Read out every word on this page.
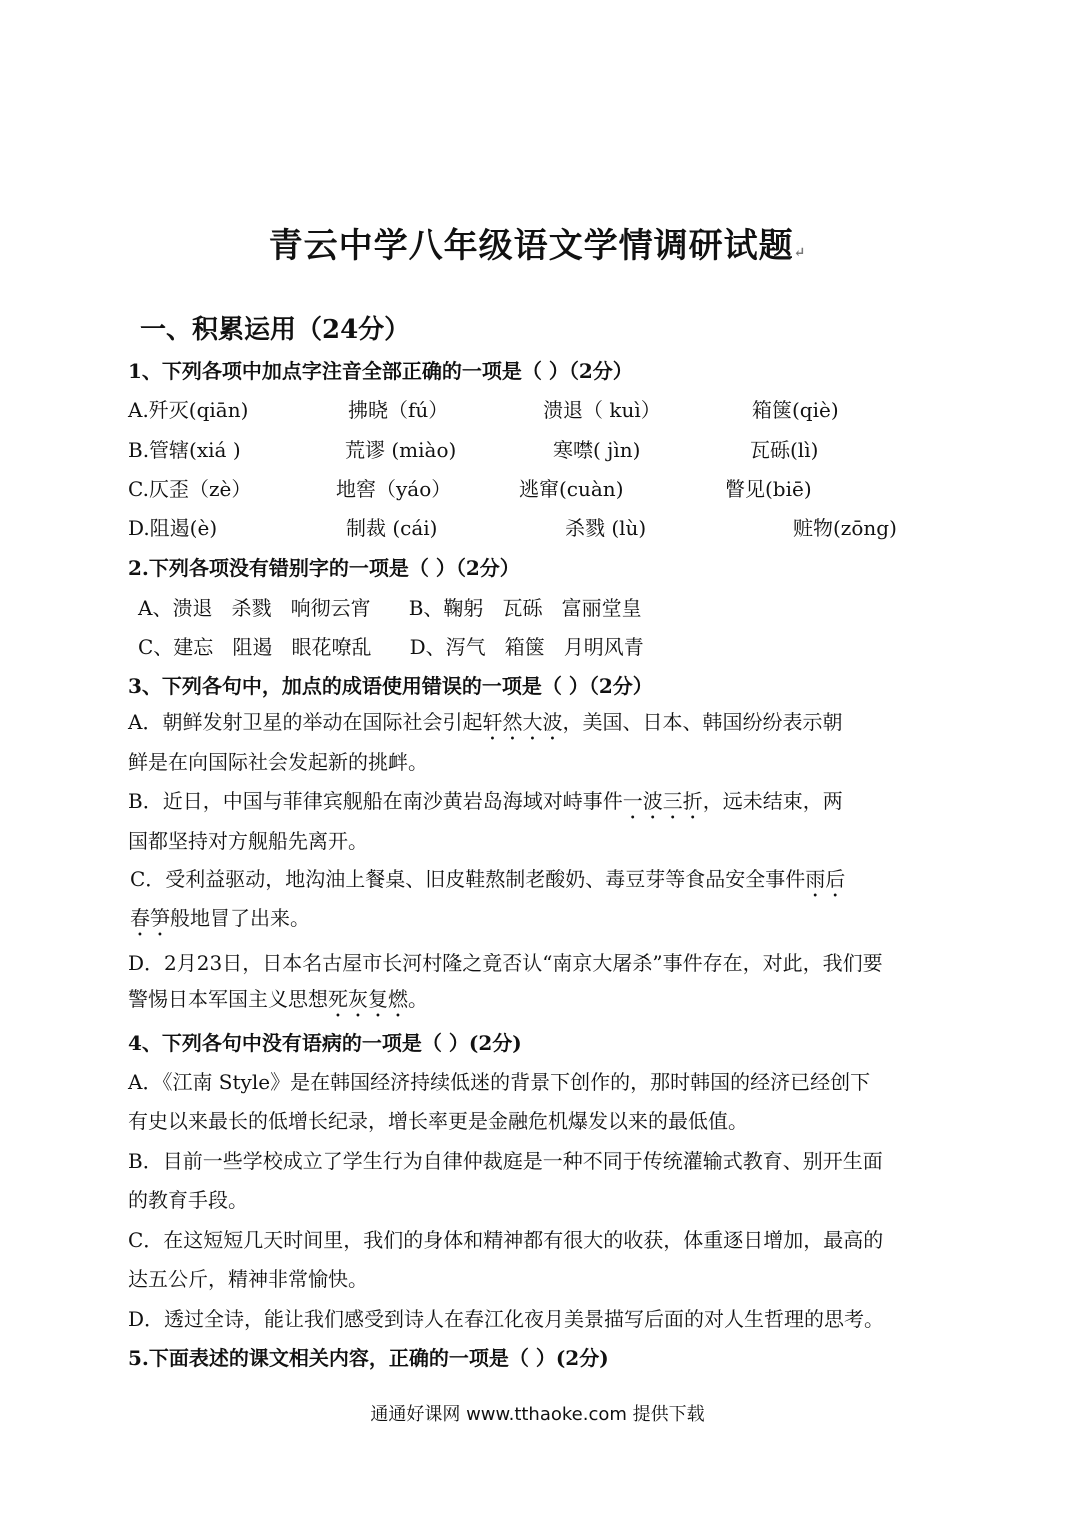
青云中学八年级语文学情调研试题↵
一、积累运用（24分）
1、下列各项中加点字注音全部正确的一项是（ ）（2分）
A.歼灭(qiān)	拂晓（fú）	溃退（ kuì）	箱箧(qiè)
B.管辖(xiá )	荒谬 (miào)	寒噤( jìn)	瓦砾(lì)
C.仄歪（zè）	地窖（yáo）	逃窜(cuàn)	瞥见(biē)
D.阻遏(è)	制裁 (cái)	杀戮 (lù)	赃物(zōng)
2.下列各项没有错别字的一项是（ ）（2分）
A、溃退   杀戮   响彻云宵      B、鞠躬   瓦砾   富丽堂皇
C、建忘   阻遏   眼花嘹乱      D、泻气   箱箧   月明风青
3、下列各句中，加点的成语使用错误的一项是（ ）（2分）
A．朝鲜发射卫星的举动在国际社会引起轩然大波，美国、日本、韩国纷纷表示朝
鲜是在向国际社会发起新的挑衅。
B．近日，中国与菲律宾舰船在南沙黄岩岛海域对峙事件一波三折，远未结束，两
国都坚持对方舰船先离开。
C．受利益驱动，地沟油上餐桌、旧皮鞋熬制老酸奶、毒豆芽等食品安全事件雨后
春笋般地冒了出来。
D．2月23日，日本名古屋市长河村隆之竟否认“南京大屠杀”事件存在，对此，我们要
警惕日本军国主义思想死灰复燃。
4、下列各句中没有语病的一项是（ ）(2分)
A．《江南 Style》是在韩国经济持续低迷的背景下创作的，那时韩国的经济已经创下
有史以来最长的低增长纪录，增长率更是金融危机爆发以来的最低值。
B．目前一些学校成立了学生行为自律仲裁庭是一种不同于传统灌输式教育、别开生面
的教育手段。
C．在这短短几天时间里，我们的身体和精神都有很大的收获，体重逐日增加，最高的
达五公斤，精神非常愉快。
D．透过全诗，能让我们感受到诗人在春江化夜月美景描写后面的对人生哲理的思考。
5.下面表述的课文相关内容，正确的一项是（ ）(2分)
通通好课网 www.tthaoke.com 提供下载
